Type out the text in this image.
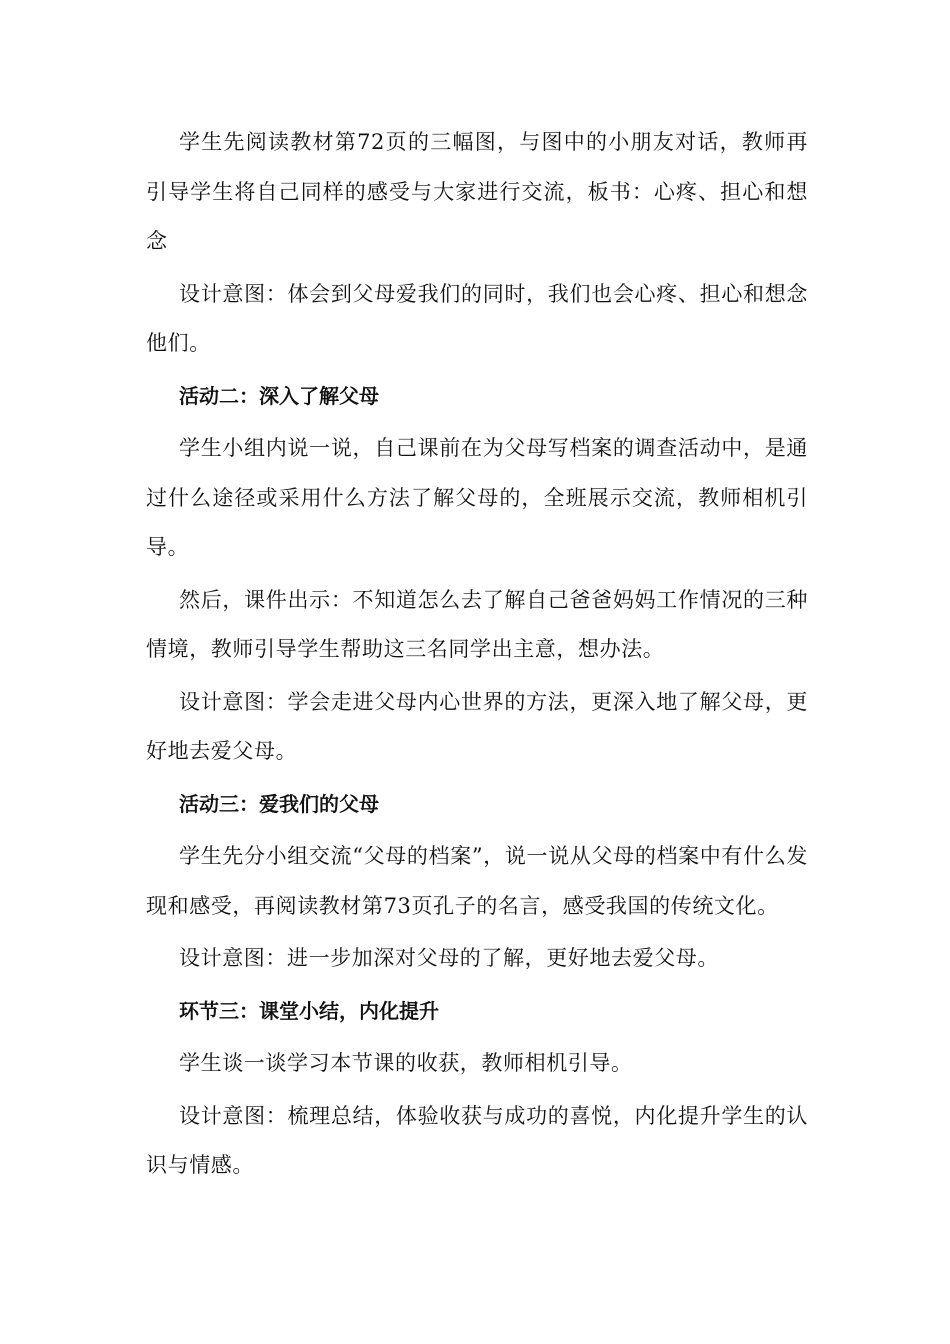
学生先阅读教材第72页的三幅图，与图中的小朋友对话，教师再引导学生将自己同样的感受与大家进行交流，板书：心疼、担心和想念

设计意图：体会到父母爱我们的同时，我们也会心疼、担心和想念他们。

活动二：深入了解父母

学生小组内说一说，自己课前在为父母写档案的调查活动中，是通过什么途径或采用什么方法了解父母的，全班展示交流，教师相机引导。

然后，课件出示：不知道怎么去了解自己爸爸妈妈工作情况的三种情境，教师引导学生帮助这三名同学出主意，想办法。

设计意图：学会走进父母内心世界的方法，更深入地了解父母，更好地去爱父母。

活动三：爱我们的父母

学生先分小组交流“父母的档案”，说一说从父母的档案中有什么发现和感受，再阅读教材第73页孔子的名言，感受我国的传统文化。

设计意图：进一步加深对父母的了解，更好地去爱父母。

环节三：课堂小结，内化提升

学生谈一谈学习本节课的收获，教师相机引导。

设计意图：梳理总结，体验收获与成功的喜悦，内化提升学生的认识与情感。
